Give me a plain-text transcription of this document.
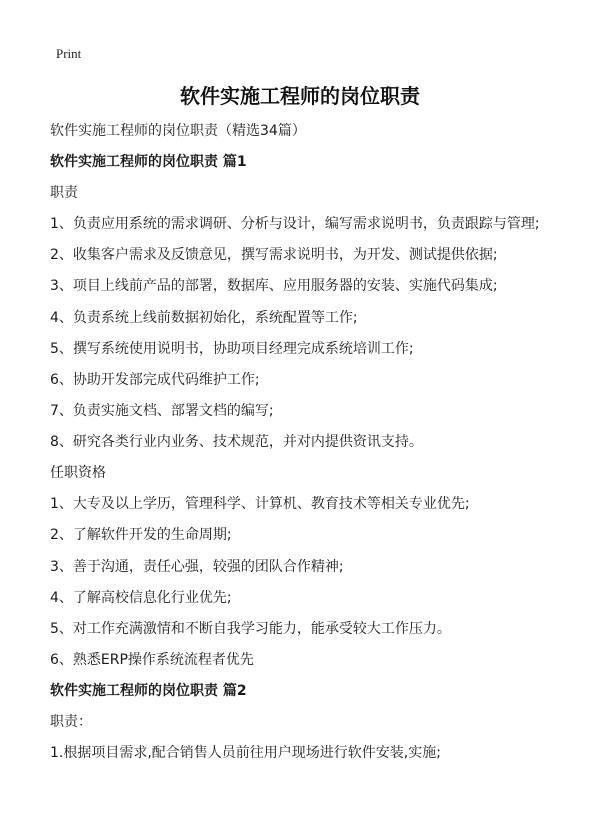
Print
软件实施工程师的岗位职责
软件实施工程师的岗位职责（精选34篇）
软件实施工程师的岗位职责 篇1
职责
1、负责应用系统的需求调研、分析与设计，编写需求说明书，负责跟踪与管理;
2、收集客户需求及反馈意见，撰写需求说明书，为开发、测试提供依据;
3、项目上线前产品的部署，数据库、应用服务器的安装、实施代码集成;
4、负责系统上线前数据初始化，系统配置等工作;
5、撰写系统使用说明书，协助项目经理完成系统培训工作;
6、协助开发部完成代码维护工作;
7、负责实施文档、部署文档的编写;
8、研究各类行业内业务、技术规范，并对内提供资讯支持。
任职资格
1、大专及以上学历，管理科学、计算机、教育技术等相关专业优先;
2、了解软件开发的生命周期;
3、善于沟通，责任心强，较强的团队合作精神;
4、了解高校信息化行业优先;
5、对工作充满激情和不断自我学习能力，能承受较大工作压力。
6、熟悉ERP操作系统流程者优先
软件实施工程师的岗位职责 篇2
职责：
1.根据项目需求,配合销售人员前往用户现场进行软件安装,实施;
